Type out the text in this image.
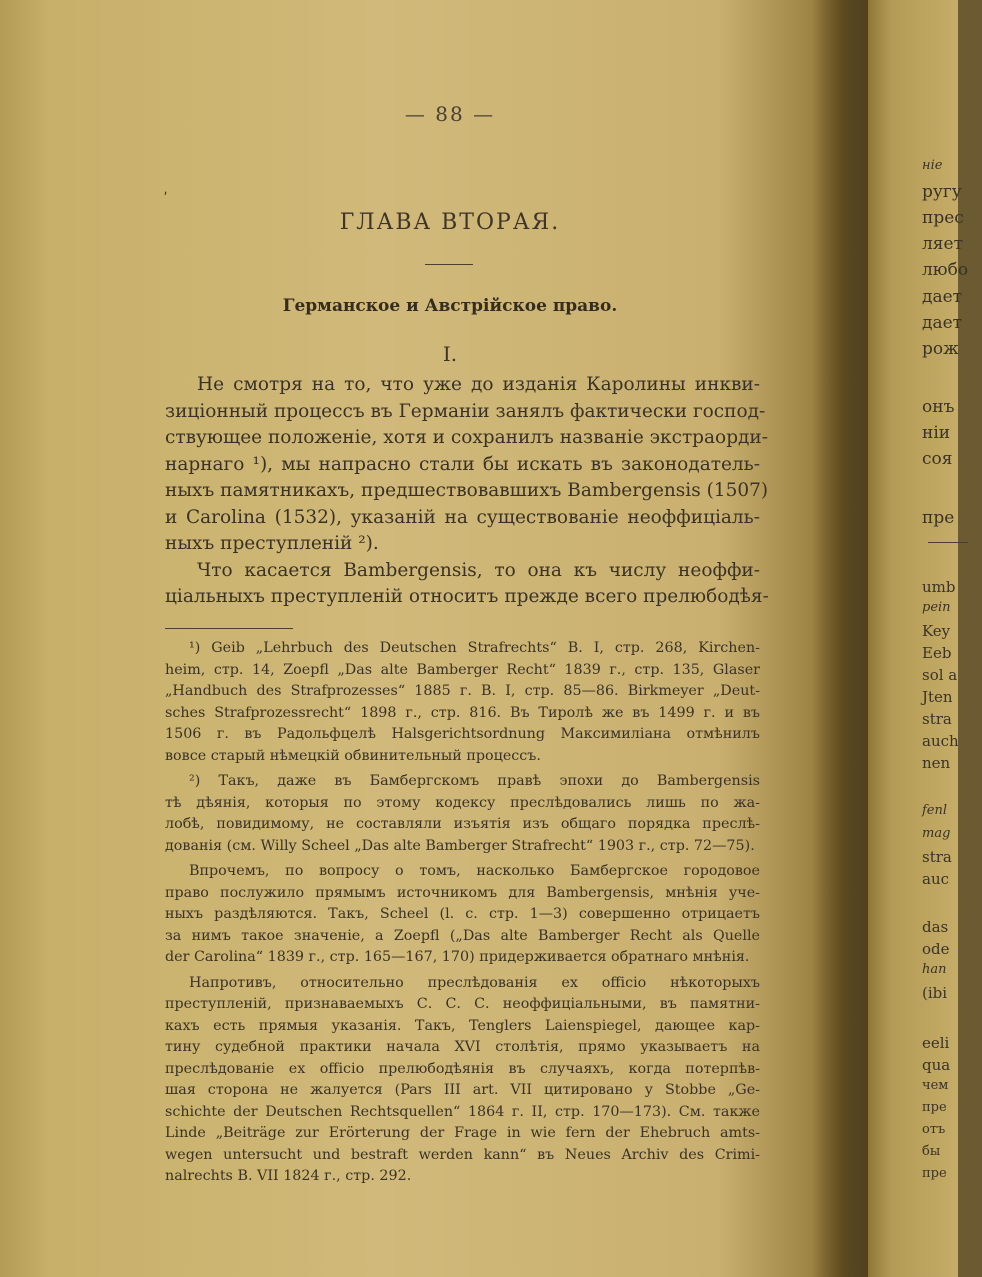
ʼ
— 88 —
ГЛАВА ВТОРАЯ.
Германское и Австрійское право.
I.
Не смотря на то, что уже до изданія Каролины инкви-
зиціонный процессъ въ Германіи занялъ фактически господ-
ствующее положеніе, хотя и сохранилъ названіе экстраорди-
нарнаго ¹), мы напрасно стали бы искать въ законодатель-
ныхъ памятникахъ, предшествовавшихъ Bambergensis (1507)
и Carolina (1532), указаній на существованіе неоффиціаль-
ныхъ преступленій ²).
Что касается Bambergensis, то она къ числу неоффи-
ціальныхъ преступленій относитъ прежде всего прелюбодѣя-
¹) Geib „Lehrbuch des Deutschen Strafrechts“ B. I, стр. 268, Kirchen-
heim, стр. 14, Zoepfl „Das alte Bamberger Recht“ 1839 г., стр. 135, Glaser
„Handbuch des Strafprozesses“ 1885 г. B. I, стр. 85—86. Birkmeyer „Deut-
sches Strafprozessrecht“ 1898 г., стр. 816. Въ Тиролѣ же въ 1499 г. и въ
1506 г. въ Радольфцелѣ Halsgerichtsordnung Максимиліана отмѣнилъ
вовсе старый нѣмецкій обвинительный процессъ.
²) Такъ, даже въ Бамбергскомъ правѣ эпохи до Bambergensis
тѣ дѣянія, которыя по этому кодексу преслѣдовались лишь по жа-
лобѣ, повидимому, не составляли изъятія изъ общаго порядка преслѣ-
дованія (см. Willy Scheel „Das alte Bamberger Strafrecht“ 1903 г., стр. 72—75).
Впрочемъ, по вопросу о томъ, насколько Бамбергское городовое
право послужило прямымъ источникомъ для Bambergensis, мнѣнія уче-
ныхъ раздѣляются. Такъ, Scheel (l. c. стр. 1—3) совершенно отрицаетъ
за нимъ такое значеніе, а Zoepfl („Das alte Bamberger Recht als Quelle
der Carolina“ 1839 г., стр. 165—167, 170) придерживается обратнаго мнѣнія.
Напротивъ, относительно преслѣдованія ex officio нѣкоторыхъ
преступленій, признаваемыхъ С. С. С. неоффиціальными, въ памятни-
кахъ есть прямыя указанія. Такъ, Tenglers Laienspiegel, дающее кар-
тину судебной практики начала XVI столѣтія, прямо указываетъ на
преслѣдованіе ex officio прелюбодѣянія въ случаяхъ, когда потерпѣв-
шая сторона не жалуется (Pars III art. VII цитировано у Stobbe „Ge-
schichte der Deutschen Rechtsquellen“ 1864 г. II, стр. 170—173). См. также
Linde „Beiträge zur Erörterung der Frage in wie fern der Ehebruch amts-
wegen untersucht und bestraft werden kann“ въ Neues Archiv des Crimi-
nalrechts B. VII 1824 г., стр. 292.
ніе
ругу
прес
ляет
любо
дает
дает
рож
онъ
нiи
соя
пре
umb
pein
Key
Eeb
sol a
Jten
stra
auch
nen
fenl
mag
stra
auc
das
ode
han
(ibi
eeli
qua
чем
пре
отъ
бы
пре
